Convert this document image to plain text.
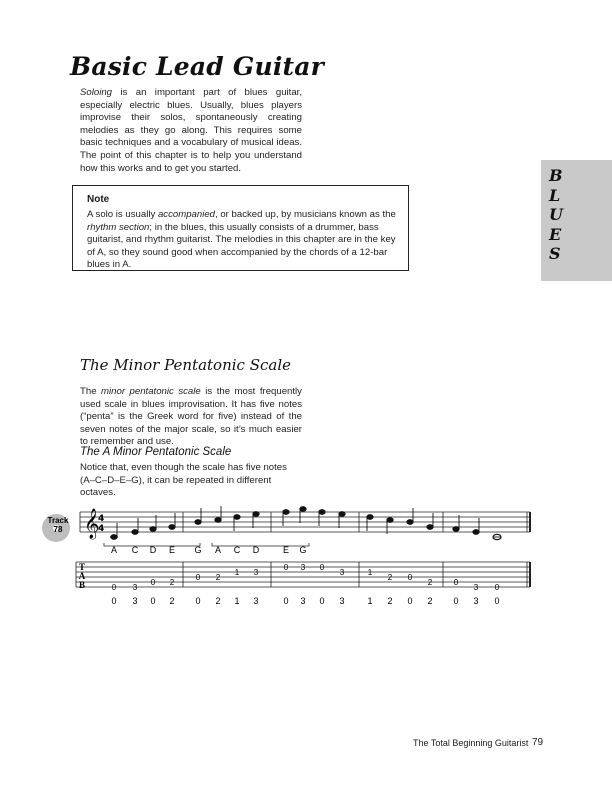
Basic Lead Guitar

Soloing is an important part of blues guitar, especially electric blues. Usually, blues players improvise their solos, spontaneously creating melodies as they go along. This requires some basic techniques and a vocabulary of musical ideas. The point of this chapter is to help you understand how this works and to get you started.	B
L
U
E
S

Note

A solo is usually accompanied, or backed up, by musicians known as the rhythm section; in the blues, this usually consists of a drummer, bass guitarist, and rhythm guitarist. The melodies in this chapter are in the key of A, so they sound good when accompanied by the chords of a 12-bar blues in A.

The Minor Pentatonic Scale

The minor pentatonic scale is the most frequently used scale in blues improvisation. It has five notes (“penta” is the Greek word for five) instead of the seven notes of the major scale, so it’s much easier to remember and use.

The A Minor Pentatonic Scale

Notice that, even though the scale has five notes (A–C–D–E–G), it can be repeated in different octaves.

Track
78 𝄞
4
4
A C D E G A C D	E G
T
A
B	0 3
0 2
0 2
1 3
0 3 0
3	1
2 0
2	0
3 0
0 3 0 2 0 2 1 3	0 3 0 3	1 2 0 2 0 3 0
The Total Beginning Guitarist 79
